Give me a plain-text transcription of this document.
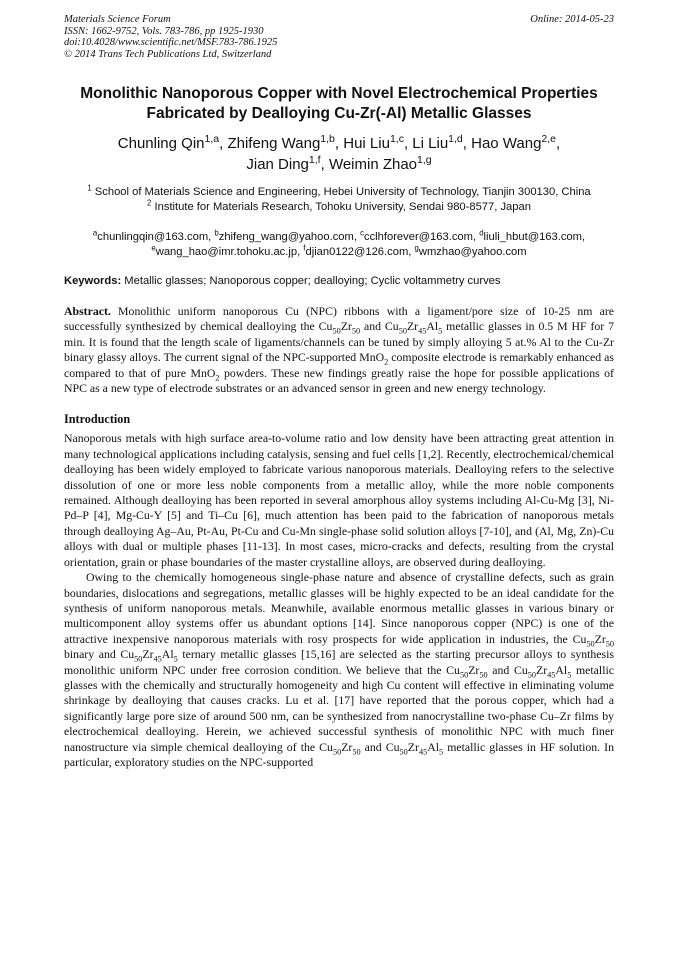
Materials Science Forum
ISSN: 1662-9752, Vols. 783-786, pp 1925-1930
doi:10.4028/www.scientific.net/MSF.783-786.1925
© 2014 Trans Tech Publications Ltd, Switzerland
Online: 2014-05-23
Monolithic Nanoporous Copper with Novel Electrochemical Properties
Fabricated by Dealloying Cu-Zr(-Al) Metallic Glasses
Chunling Qin$^{1,a}$, Zhifeng Wang$^{1,b}$, Hui Liu$^{1,c}$, Li Liu$^{1,d}$, Hao Wang$^{2,e}$,
Jian Ding$^{1,f}$, Weimin Zhao$^{1,g}$
$^1$ School of Materials Science and Engineering, Hebei University of Technology, Tianjin 300130, China
$^2$ Institute for Materials Research, Tohoku University, Sendai 980-8577, Japan
$^a$chunlingqin@163.com, $^b$zhifeng_wang@yahoo.com, $^c$cclhforever@163.com, $^d$liuli_hbut@163.com,
$^e$wang_hao@imr.tohoku.ac.jp, $^f$djian0122@126.com, $^g$wmzhao@yahoo.com
Keywords: Metallic glasses; Nanoporous copper; dealloying; Cyclic voltammetry curves
Abstract. Monolithic uniform nanoporous Cu (NPC) ribbons with a ligament/pore size of 10-25 nm are successfully synthesized by chemical dealloying the $Cu_{50}Zr_{50}$ and $Cu_{50}Zr_{45}Al_5$ metallic glasses in 0.5 M HF for 7 min. It is found that the length scale of ligaments/channels can be tuned by simply alloying 5 at.% Al to the Cu-Zr binary glassy alloys. The current signal of the NPC-supported MnO$_2$ composite electrode is remarkably enhanced as compared to that of pure MnO$_2$ powders. These new findings greatly raise the hope for possible applications of NPC as a new type of electrode substrates or an advanced sensor in green and new energy technology.
Introduction

Nanoporous metals with high surface area-to-volume ratio and low density have been attracting great attention in many technological applications including catalysis, sensing and fuel cells [1,2]. Recently, electrochemical/chemical dealloying has been widely employed to fabricate various nanoporous materials. Dealloying refers to the selective dissolution of one or more less noble components from a metallic alloy, while the more noble components remained. Although dealloying has been reported in several amorphous alloy systems including Al-Cu-Mg [3], Ni-Pd–P [4], Mg-Cu-Y [5] and Ti–Cu [6], much attention has been paid to the fabrication of nanoporous metals through dealloying Ag–Au, Pt-Au, Pt-Cu and Cu-Mn single-phase solid solution alloys [7-10], and (Al, Mg, Zn)-Cu alloys with dual or multiple phases [11-13]. In most cases, micro-cracks and defects, resulting from the crystal orientation, grain or phase boundaries of the master crystalline alloys, are observed during dealloying.

Owing to the chemically homogeneous single-phase nature and absence of crystalline defects, such as grain boundaries, dislocations and segregations, metallic glasses will be highly expected to be an ideal candidate for the synthesis of uniform nanoporous metals. Meanwhile, available enormous metallic glasses in various binary or multicomponent alloy systems offer us abundant options [14]. Since nanoporous copper (NPC) is one of the attractive inexpensive nanoporous materials with rosy prospects for wide application in industries, the $Cu_{50}Zr_{50}$ binary and $Cu_{50}Zr_{45}Al_5$ ternary metallic glasses [15,16] are selected as the starting precursor alloys to synthesis monolithic uniform NPC under free corrosion condition. We believe that the $Cu_{50}Zr_{50}$ and $Cu_{50}Zr_{45}Al_5$ metallic glasses with the chemically and structurally homogeneity and high Cu content will effective in eliminating volume shrinkage by dealloying that causes cracks. Lu et al. [17] have reported that the porous copper, which had a significantly large pore size of around 500 nm, can be synthesized from nanocrystalline two-phase Cu–Zr films by electrochemical dealloying. Herein, we achieved successful synthesis of monolithic NPC with much finer nanostructure via simple chemical dealloying of the $Cu_{50}Zr_{50}$ and $Cu_{50}Zr_{45}Al_5$ metallic glasses in HF solution. In particular, exploratory studies on the NPC-supported
